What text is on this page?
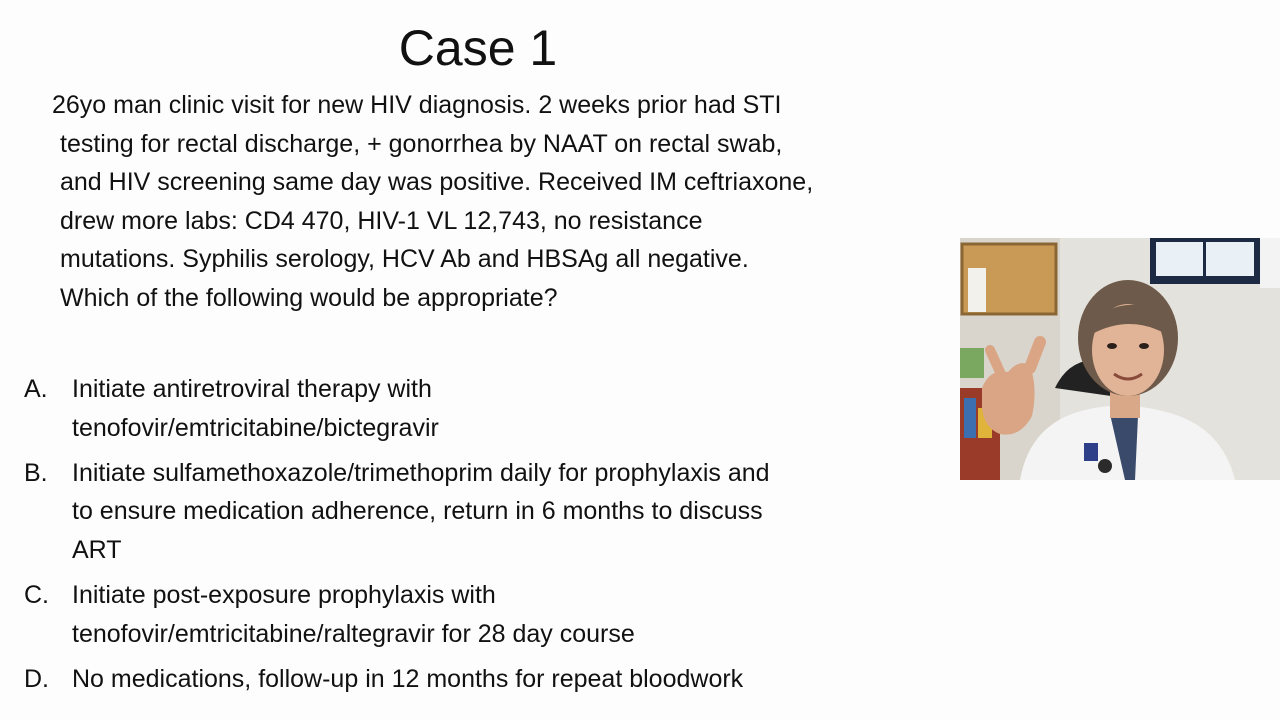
Case 1
26yo man clinic visit for new HIV diagnosis. 2 weeks prior had STI
testing for rectal discharge, + gonorrhea by NAAT on rectal swab,
and HIV screening same day was positive. Received IM ceftriaxone,
drew more labs: CD4 470, HIV-1 VL 12,743, no resistance
mutations. Syphilis serology, HCV Ab and HBSAg all negative.
Which of the following would be appropriate?
A. Initiate antiretroviral therapy with
tenofovir/emtricitabine/bictegravir
B. Initiate sulfamethoxazole/trimethoprim daily for prophylaxis and
to ensure medication adherence, return in 6 months to discuss
ART
C. Initiate post-exposure prophylaxis with
tenofovir/emtricitabine/raltegravir for 28 day course
D. No medications, follow-up in 12 months for repeat bloodwork
